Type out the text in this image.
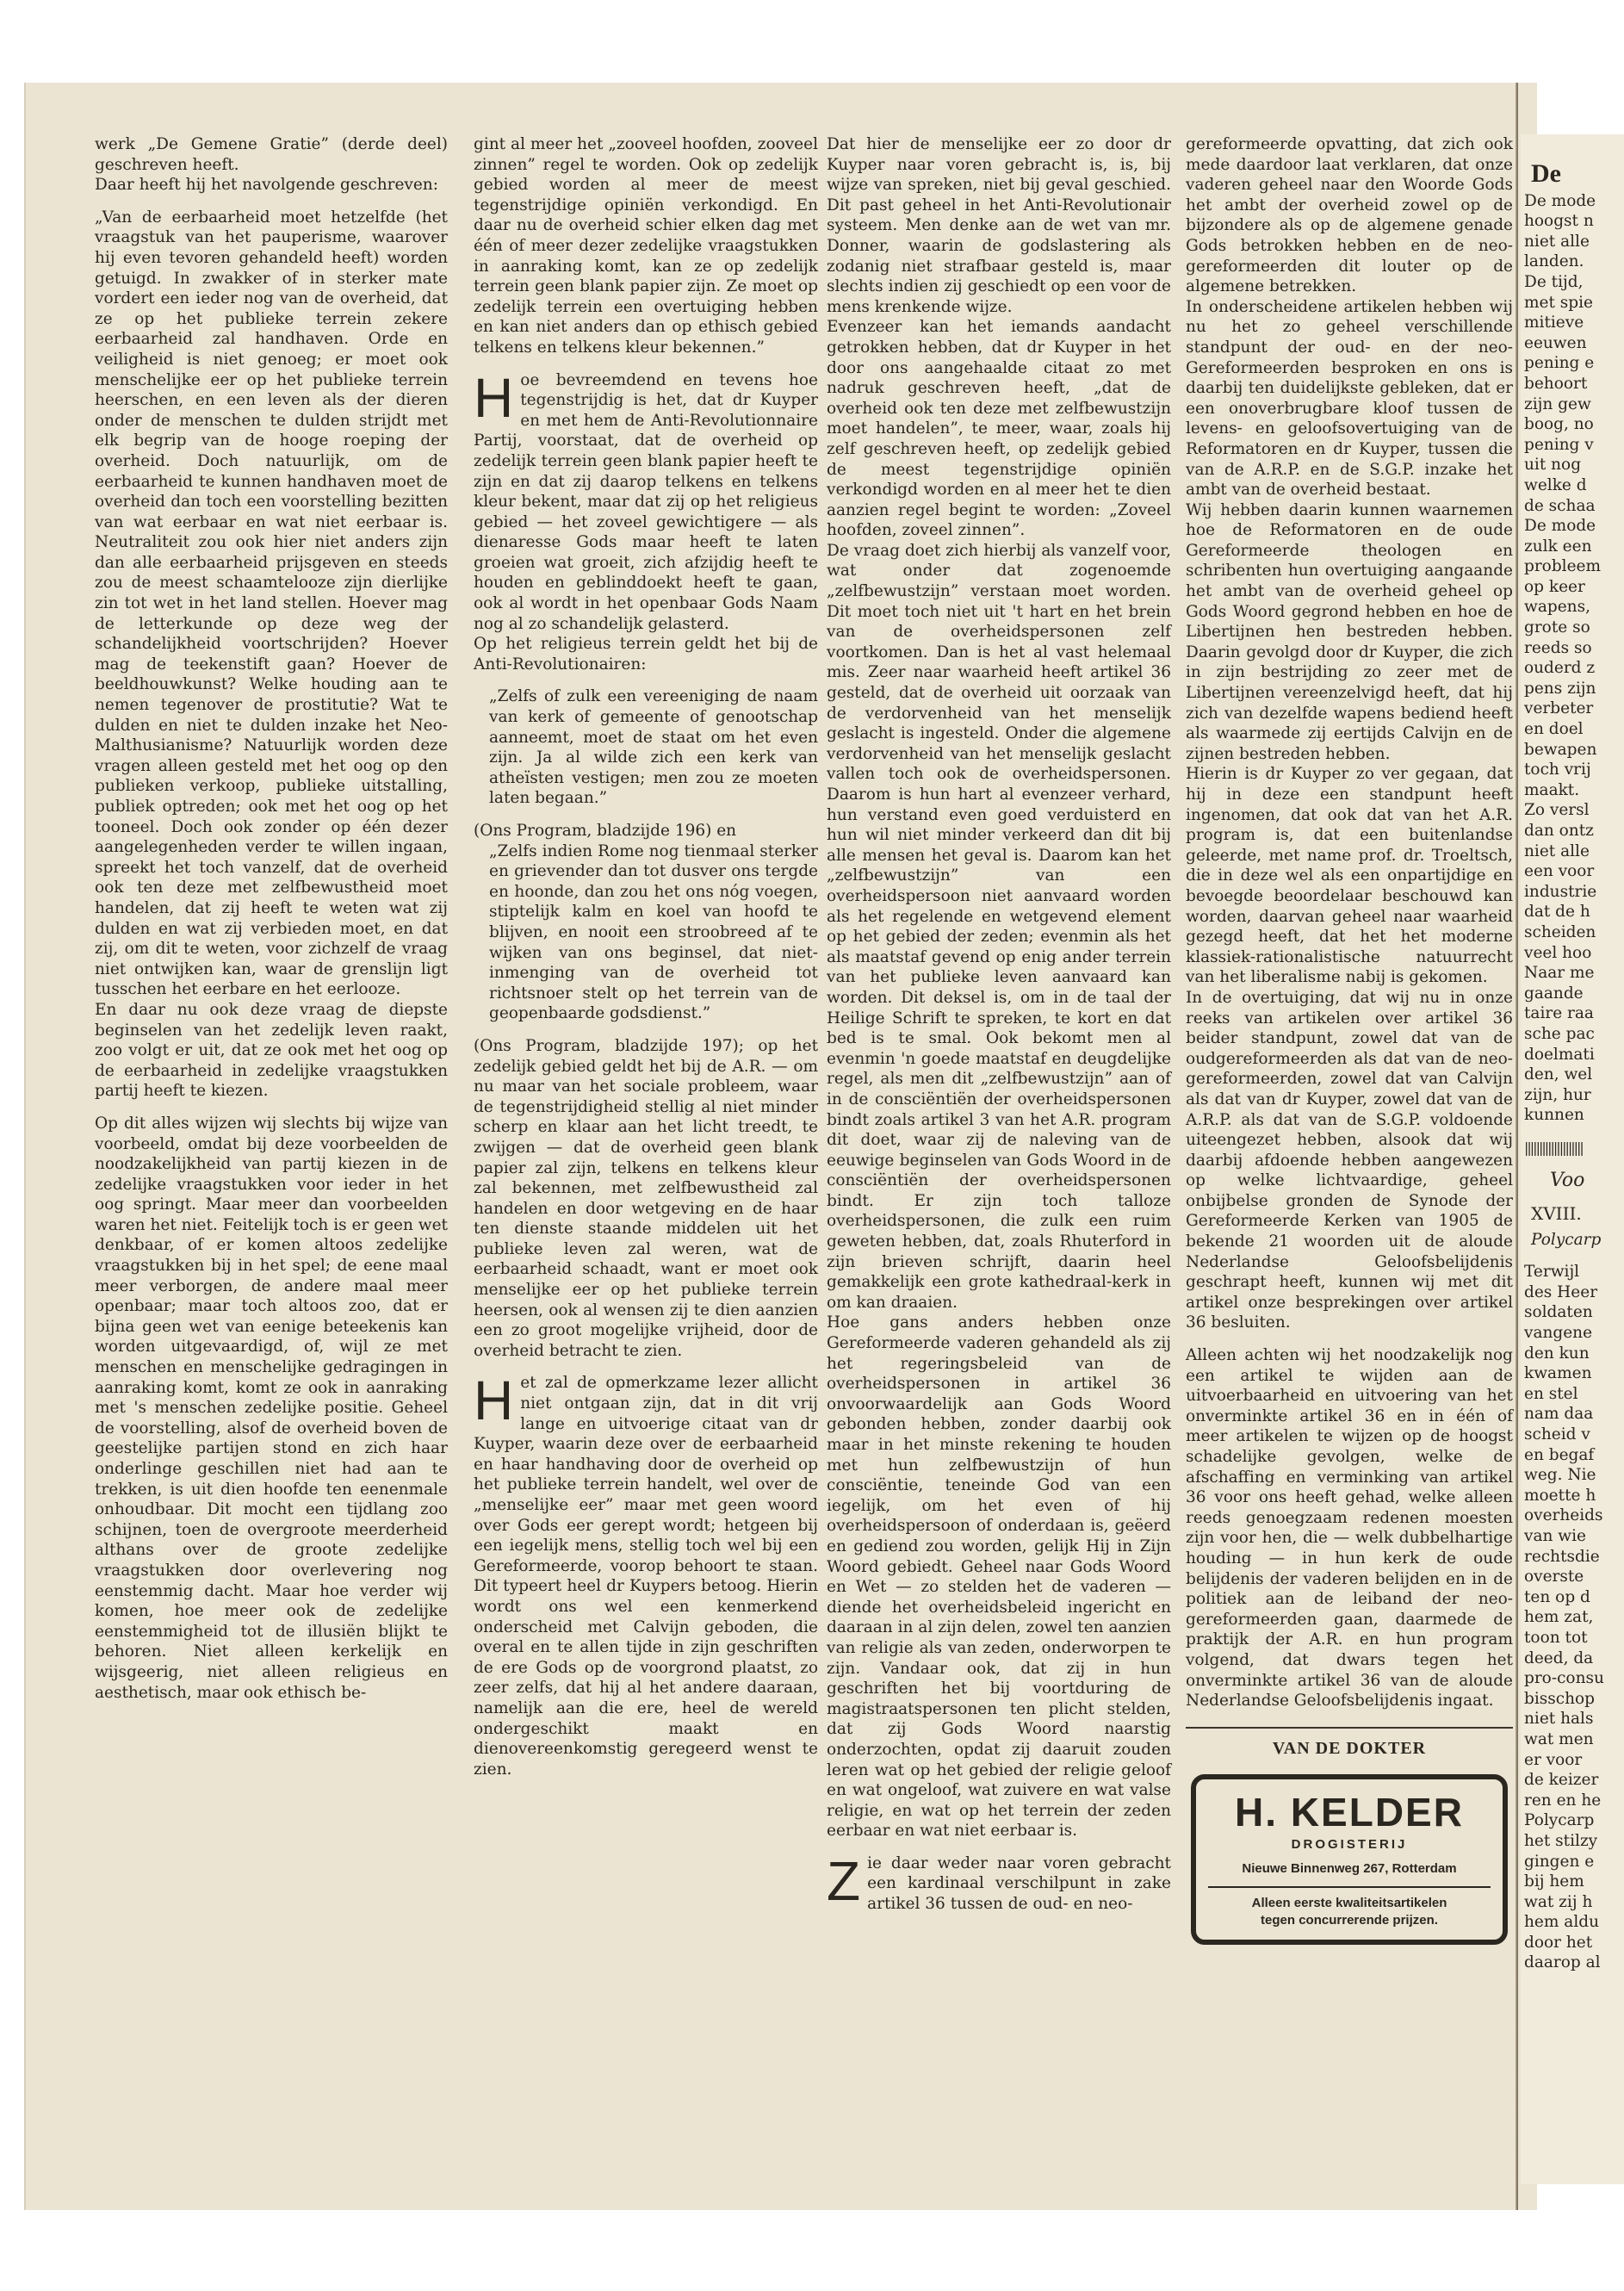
werk „De Gemene Gratie” (derde deel) geschreven heeft.

Daar heeft hij het navolgende geschreven:

„Van de eerbaarheid moet hetzelfde (het vraagstuk van het pauperisme, waarover hij even tevoren gehandeld heeft) worden getuigd. In zwakker of in sterker mate vordert een ieder nog van de overheid, dat ze op het publieke terrein zekere eerbaarheid zal handhaven. Orde en veiligheid is niet genoeg; er moet ook menschelijke eer op het publieke terrein heerschen, en een leven als der dieren onder de menschen te dulden strijdt met elk begrip van de hooge roeping der overheid. Doch natuurlijk, om de eerbaarheid te kunnen handhaven moet de overheid dan toch een voorstelling bezitten van wat eerbaar en wat niet eerbaar is. Neutraliteit zou ook hier niet anders zijn dan alle eerbaarheid prijsgeven en steeds zou de meest schaamtelooze zijn dierlijke zin tot wet in het land stellen. Hoever mag de letterkunde op deze weg der schandelijkheid voortschrijden? Hoever mag de teekenstift gaan? Hoever de beeldhouwkunst? Welke houding aan te nemen tegenover de prostitutie? Wat te dulden en niet te dulden inzake het Neo-Malthusianisme? Natuurlijk worden deze vragen alleen gesteld met het oog op den publieken verkoop, publieke uitstalling, publiek optreden; ook met het oog op het tooneel. Doch ook zonder op één dezer aangelegenheden verder te willen ingaan, spreekt het toch vanzelf, dat de overheid ook ten deze met zelfbewustheid moet handelen, dat zij heeft te weten wat zij dulden en wat zij verbieden moet, en dat zij, om dit te weten, voor zichzelf de vraag niet ontwijken kan, waar de grenslijn ligt tusschen het eerbare en het eerlooze.

En daar nu ook deze vraag de diepste beginselen van het zedelijk leven raakt, zoo volgt er uit, dat ze ook met het oog op de eerbaarheid in zedelijke vraagstukken partij heeft te kiezen.

Op dit alles wijzen wij slechts bij wijze van voorbeeld, omdat bij deze voorbeelden de noodzakelijkheid van partij kiezen in de zedelijke vraagstukken voor ieder in het oog springt. Maar meer dan voorbeelden waren het niet. Feitelijk toch is er geen wet denkbaar, of er komen altoos zedelijke vraagstukken bij in het spel; de eene maal meer verborgen, de andere maal meer openbaar; maar toch altoos zoo, dat er bijna geen wet van eenige beteekenis kan worden uitgevaardigd, of, wijl ze met menschen en menschelijke gedragingen in aanraking komt, komt ze ook in aanraking met 's menschen zedelijke positie. Geheel de voorstelling, alsof de overheid boven de geestelijke partijen stond en zich haar onderlinge geschillen niet had aan te trekken, is uit dien hoofde ten eenenmale onhoudbaar. Dit mocht een tijdlang zoo schijnen, toen de overgroote meerderheid althans over de groote zedelijke vraagstukken door overlevering nog eenstemmig dacht. Maar hoe verder wij komen, hoe meer ook de zedelijke eenstemmigheid tot de illusiën blijkt te behoren. Niet alleen kerkelijk en wijsgeerig, niet alleen religieus en aesthetisch, maar ook ethisch be-

gint al meer het „zooveel hoofden, zooveel zinnen” regel te worden. Ook op zedelijk gebied worden al meer de meest tegenstrijdige opiniën verkondigd. En daar nu de overheid schier elken dag met één of meer dezer zedelijke vraagstukken in aanraking komt, kan ze op zedelijk terrein geen blank papier zijn. Ze moet op zedelijk terrein een overtuiging hebben en kan niet anders dan op ethisch gebied telkens en telkens kleur bekennen.”

Hoe bevreemdend en tevens hoe tegenstrijdig is het, dat dr Kuyper en met hem de Anti-Revolutionnaire Partij, voorstaat, dat de overheid op zedelijk terrein geen blank papier heeft te zijn en dat zij daarop telkens en telkens kleur bekent, maar dat zij op het religieus gebied — het zoveel gewichtigere — als dienaresse Gods maar heeft te laten groeien wat groeit, zich afzijdig heeft te houden en geblinddoekt heeft te gaan, ook al wordt in het openbaar Gods Naam nog al zo schandelijk gelasterd.

Op het religieus terrein geldt het bij de Anti-Revolutionairen:

„Zelfs of zulk een vereeniging de naam van kerk of gemeente of genootschap aanneemt, moet de staat om het even zijn. Ja al wilde zich een kerk van atheïsten vestigen; men zou ze moeten laten begaan.”

(Ons Program, bladzijde 196) en

„Zelfs indien Rome nog tienmaal sterker en grievender dan tot dusver ons tergde en hoonde, dan zou het ons nóg voegen, stiptelijk kalm en koel van hoofd te blijven, en nooit een stroobreed af te wijken van ons beginsel, dat niet-inmenging van de overheid tot richtsnoer stelt op het terrein van de geopenbaarde godsdienst.”

(Ons Program, bladzijde 197); op het zedelijk gebied geldt het bij de A.R. — om nu maar van het sociale probleem, waar de tegenstrijdigheid stellig al niet minder scherp en klaar aan het licht treedt, te zwijgen — dat de overheid geen blank papier zal zijn, telkens en telkens kleur zal bekennen, met zelfbewustheid zal handelen en door wetgeving en de haar ten dienste staande middelen uit het publieke leven zal weren, wat de eerbaarheid schaadt, want er moet ook menselijke eer op het publieke terrein heersen, ook al wensen zij te dien aanzien een zo groot mogelijke vrijheid, door de overheid betracht te zien.

Het zal de opmerkzame lezer allicht niet ontgaan zijn, dat in dit vrij lange en uitvoerige citaat van dr Kuyper, waarin deze over de eerbaarheid en haar handhaving door de overheid op het publieke terrein handelt, wel over de „menselijke eer” maar met geen woord over Gods eer gerept wordt; hetgeen bij een iegelijk mens, stellig toch wel bij een Gereformeerde, voorop behoort te staan. Dit typeert heel dr Kuypers betoog. Hierin wordt ons wel een kenmerkend onderscheid met Calvijn geboden, die overal en te allen tijde in zijn geschriften de ere Gods op de voorgrond plaatst, zo zeer zelfs, dat hij al het andere daaraan, namelijk aan die ere, heel de wereld ondergeschikt maakt en dienovereenkomstig geregeerd wenst te zien.

Dat hier de menselijke eer zo door dr Kuyper naar voren gebracht is, is, bij wijze van spreken, niet bij geval geschied. Dit past geheel in het Anti-Revolutionair systeem. Men denke aan de wet van mr. Donner, waarin de godslastering als zodanig niet strafbaar gesteld is, maar slechts indien zij geschiedt op een voor de mens krenkende wijze.

Evenzeer kan het iemands aandacht getrokken hebben, dat dr Kuyper in het door ons aangehaalde citaat zo met nadruk geschreven heeft, „dat de overheid ook ten deze met zelfbewustzijn moet handelen”, te meer, waar, zoals hij zelf geschreven heeft, op zedelijk gebied de meest tegenstrijdige opiniën verkondigd worden en al meer het te dien aanzien regel begint te worden: „Zoveel hoofden, zoveel zinnen”.

De vraag doet zich hierbij als vanzelf voor, wat onder dat zogenoemde „zelfbewustzijn” verstaan moet worden. Dit moet toch niet uit 't hart en het brein van de overheidspersonen zelf voortkomen. Dan is het al vast helemaal mis. Zeer naar waarheid heeft artikel 36 gesteld, dat de overheid uit oorzaak van de verdorvenheid van het menselijk geslacht is ingesteld. Onder die algemene verdorvenheid van het menselijk geslacht vallen toch ook de overheidspersonen. Daarom is hun hart al evenzeer verhard, hun verstand even goed verduisterd en hun wil niet minder verkeerd dan dit bij alle mensen het geval is. Daarom kan het „zelfbewustzijn” van een overheidspersoon niet aanvaard worden als het regelende en wetgevend element op het gebied der zeden; evenmin als het als maatstaf gevend op enig ander terrein van het publieke leven aanvaard kan worden. Dit deksel is, om in de taal der Heilige Schrift te spreken, te kort en dat bed is te smal. Ook bekomt men al evenmin 'n goede maatstaf en deugdelijke regel, als men dit „zelfbewustzijn” aan of in de consciëntiën der overheidspersonen bindt zoals artikel 3 van het A.R. program dit doet, waar zij de naleving van de eeuwige beginselen van Gods Woord in de consciëntiën der overheidspersonen bindt. Er zijn toch talloze overheidspersonen, die zulk een ruim geweten hebben, dat, zoals Rhuterford in zijn brieven schrijft, daarin heel gemakkelijk een grote kathedraal-kerk in om kan draaien.

Hoe gans anders hebben onze Gereformeerde vaderen gehandeld als zij het regeringsbeleid van de overheidspersonen in artikel 36 onvoorwaardelijk aan Gods Woord gebonden hebben, zonder daarbij ook maar in het minste rekening te houden met hun zelfbewustzijn of hun consciëntie, teneinde God van een iegelijk, om het even of hij overheidspersoon of onderdaan is, geëerd en gediend zou worden, gelijk Hij in Zijn Woord gebiedt. Geheel naar Gods Woord en Wet — zo stelden het de vaderen — diende het overheidsbeleid ingericht en daaraan in al zijn delen, zowel ten aanzien van religie als van zeden, onderworpen te zijn. Vandaar ook, dat zij in hun geschriften het bij voortduring de magistraatspersonen ten plicht stelden, dat zij Gods Woord naarstig onderzochten, opdat zij daaruit zouden leren wat op het gebied der religie geloof en wat ongeloof, wat zuivere en wat valse religie, en wat op het terrein der zeden eerbaar en wat niet eerbaar is.

Zie daar weder naar voren gebracht een kardinaal verschilpunt in zake artikel 36 tussen de oud- en neo-

gereformeerde opvatting, dat zich ook mede daardoor laat verklaren, dat onze vaderen geheel naar den Woorde Gods het ambt der overheid zowel op de bijzondere als op de algemene genade Gods betrokken hebben en de neo-gereformeerden dit louter op de algemene betrekken.

In onderscheidene artikelen hebben wij nu het zo geheel verschillende standpunt der oud- en der neo-Gereformeerden besproken en ons is daarbij ten duidelijkste gebleken, dat er een onoverbrugbare kloof tussen de levens- en geloofsovertuiging van de Reformatoren en dr Kuyper, tussen die van de A.R.P. en de S.G.P. inzake het ambt van de overheid bestaat.

Wij hebben daarin kunnen waarnemen hoe de Reformatoren en de oude Gereformeerde theologen en schribenten hun overtuiging aangaande het ambt van de overheid geheel op Gods Woord gegrond hebben en hoe de Libertijnen hen bestreden hebben. Daarin gevolgd door dr Kuyper, die zich in zijn bestrijding zo zeer met de Libertijnen vereenzelvigd heeft, dat hij zich van dezelfde wapens bediend heeft als waarmede zij eertijds Calvijn en de zijnen bestreden hebben.

Hierin is dr Kuyper zo ver gegaan, dat hij in deze een standpunt heeft ingenomen, dat ook dat van het A.R. program is, dat een buitenlandse geleerde, met name prof. dr. Troeltsch, die in deze wel als een onpartijdige en bevoegde beoordelaar beschouwd kan worden, daarvan geheel naar waarheid gezegd heeft, dat het het moderne klassiek-rationalistische natuurrecht van het liberalisme nabij is gekomen.

In de overtuiging, dat wij nu in onze reeks van artikelen over artikel 36 beider standpunt, zowel dat van de oudgereformeerden als dat van de neo-gereformeerden, zowel dat van Calvijn als dat van dr Kuyper, zowel dat van de A.R.P. als dat van de S.G.P. voldoende uiteengezet hebben, alsook dat wij daarbij afdoende hebben aangewezen op welke lichtvaardige, geheel onbijbelse gronden de Synode der Gereformeerde Kerken van 1905 de bekende 21 woorden uit de aloude Nederlandse Geloofsbelijdenis geschrapt heeft, kunnen wij met dit artikel onze besprekingen over artikel 36 besluiten.

Alleen achten wij het noodzakelijk nog een artikel te wijden aan de uitvoerbaarheid en uitvoering van het onverminkte artikel 36 en in één of meer artikelen te wijzen op de hoogst schadelijke gevolgen, welke de afschaffing en verminking van artikel 36 voor ons heeft gehad, welke alleen reeds genoegzaam redenen moesten zijn voor hen, die — welk dubbelhartige houding — in hun kerk de oude belijdenis der vaderen belijden en in de politiek aan de leiband der neo-gereformeerden gaan, daarmede de praktijk der A.R. en hun program volgend, dat dwars tegen het onverminkte artikel 36 van de aloude Nederlandse Geloofsbelijdenis ingaat.

VAN DE DOKTER
H. KELDER
DROGISTERIJ
Nieuwe Binnenweg 267, Rotterdam
Alleen eerste kwaliteitsartikelen
tegen concurrerende prijzen.

De

De mode

hoogst n

niet alle

landen.

De tijd,

met spie

mitieve

eeuwen

pening e

behoort

zijn gew

boog, no

pening v

uit nog

welke d

de schaa

De mode

zulk een

probleem

op keer

wapens,

grote so

reeds so

ouderd z

pens zijn

verbeter

en doel

bewapen

toch vrij

maakt.

Zo versl

dan ontz

niet alle

een voor

industrie

dat de h

scheiden

veel hoo

Naar me

gaande

taire raa

sche pac

doelmati

den, wel

zijn, hur

kunnen

||||||||||||||||||||

Voo

XVIII.

Polycarp

Terwijl

des Heer

soldaten

vangene

den kun

kwamen

en stel

nam daa

scheid v

en begaf

weg. Nie

moette h

overheids

van wie

rechtsdie

overste

ten op d

hem zat,

toon tot

deed, da

pro-consu

bisschop

niet hals

wat men

er voor

de keizer

ren en he

Polycarp

het stilzy

gingen e

bij hem

wat zij h

hem aldu

door het

daarop al
